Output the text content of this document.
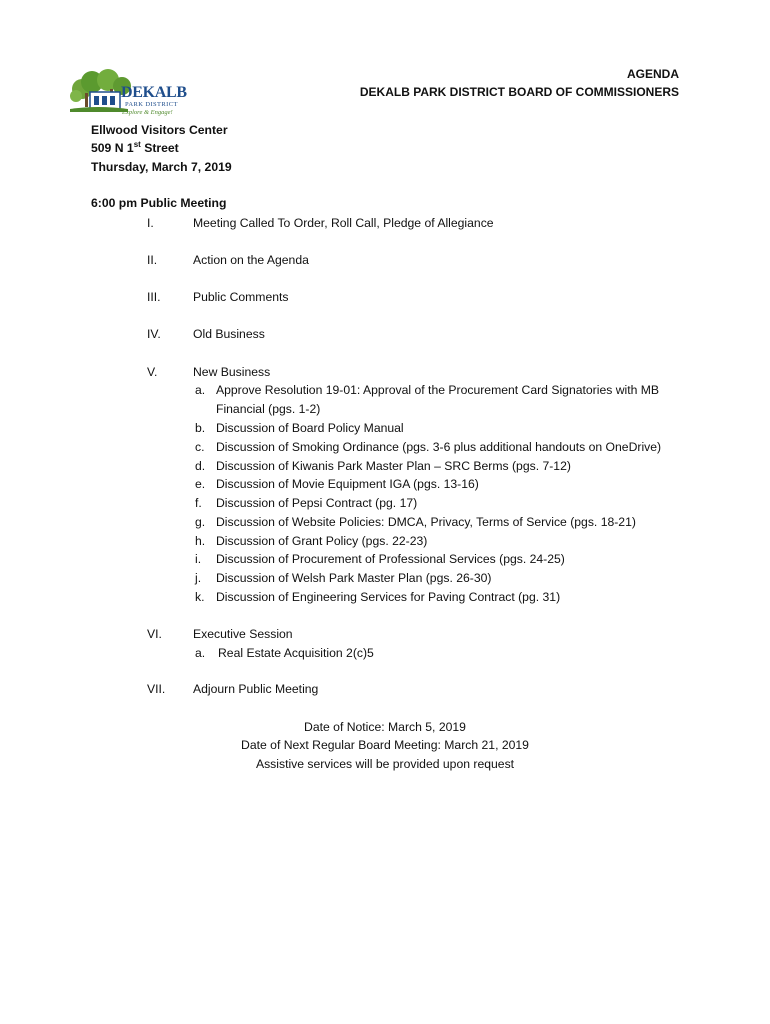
DEKALB
PARK DISTRICT
Explore & Engage!
AGENDA
DEKALB PARK DISTRICT BOARD OF COMMISSIONERS
Ellwood Visitors Center
509 N 1st Street
Thursday, March 7, 2019
6:00 pm Public Meeting
I.	Meeting Called To Order, Roll Call, Pledge of Allegiance
II.	Action on the Agenda
III.	Public Comments
IV.	Old Business
V.	New Business
a. Approve Resolution 19-01: Approval of the Procurement Card Signatories with MB
Financial (pgs. 1-2)
b. Discussion of Board Policy Manual
c. Discussion of Smoking Ordinance (pgs. 3-6 plus additional handouts on OneDrive)
d. Discussion of Kiwanis Park Master Plan – SRC Berms (pgs. 7-12)
e. Discussion of Movie Equipment IGA (pgs. 13-16)
f. Discussion of Pepsi Contract (pg. 17)
g. Discussion of Website Policies: DMCA, Privacy, Terms of Service (pgs. 18-21)
h. Discussion of Grant Policy (pgs. 22-23)
i. Discussion of Procurement of Professional Services (pgs. 24-25)
j. Discussion of Welsh Park Master Plan (pgs. 26-30)
k. Discussion of Engineering Services for Paving Contract (pg. 31)
VI.	Executive Session
a. Real Estate Acquisition 2(c)5
VII. Adjourn Public Meeting
Date of Notice: March 5, 2019
Date of Next Regular Board Meeting: March 21, 2019
Assistive services will be provided upon request
